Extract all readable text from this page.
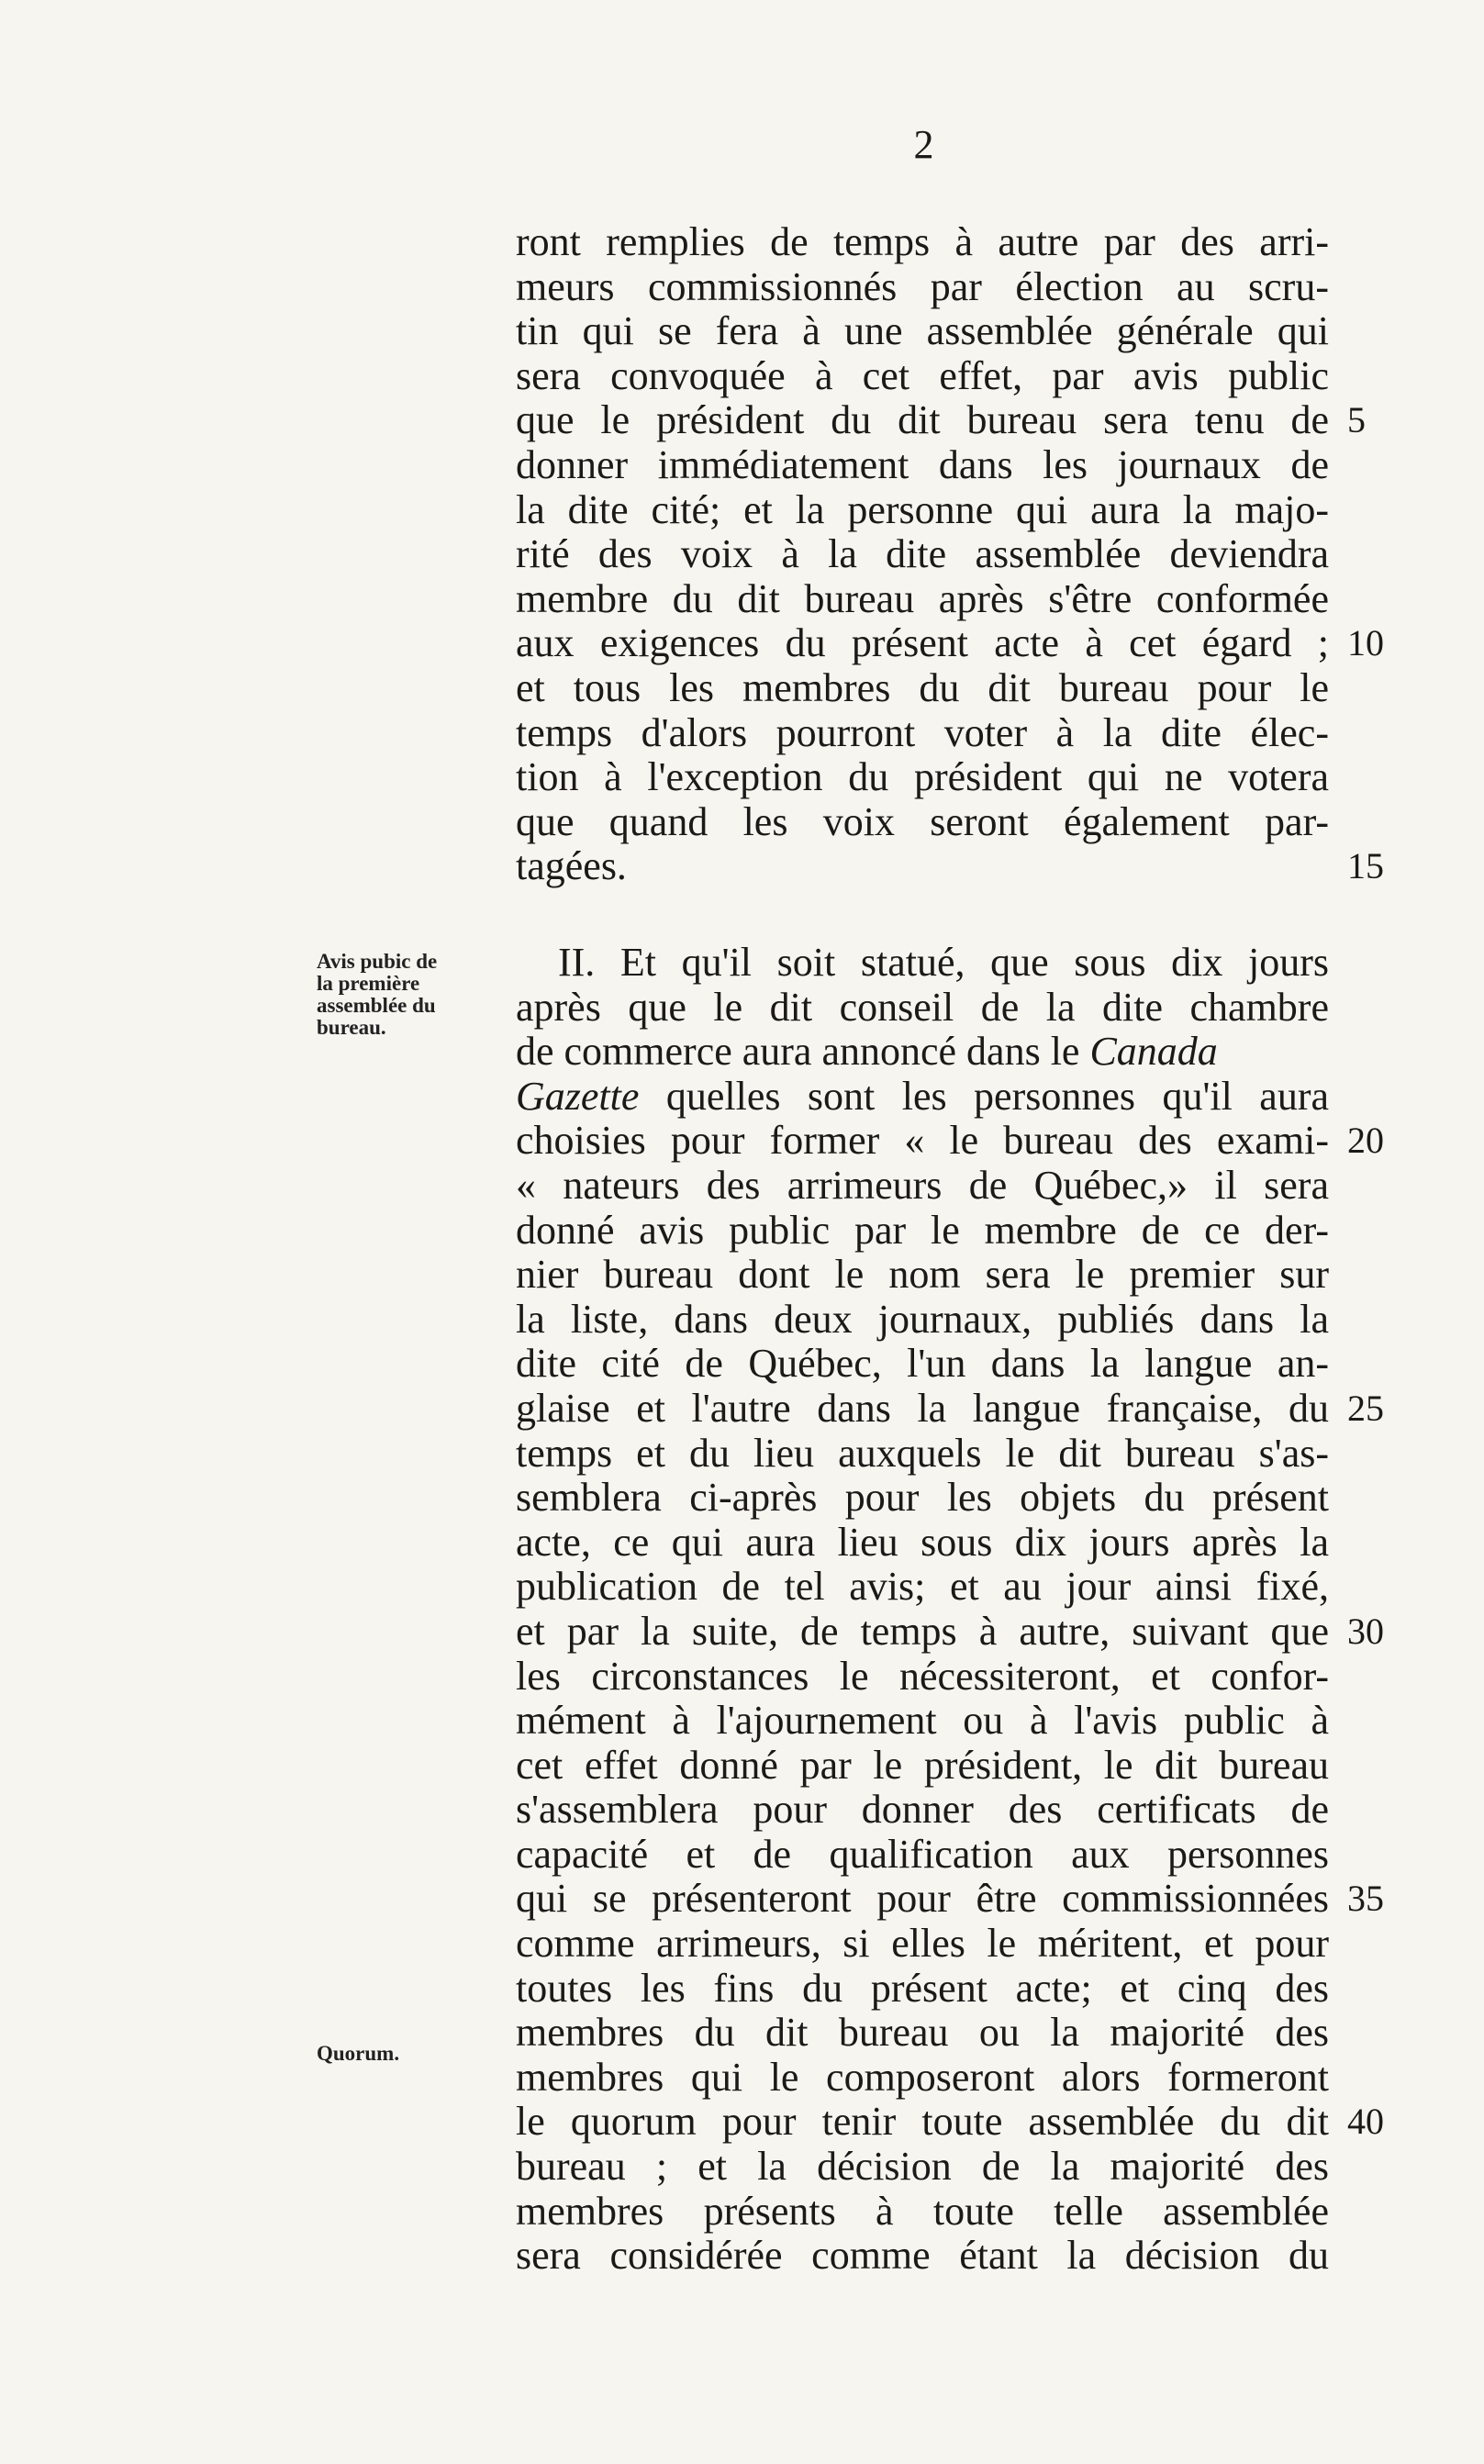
2
Avis pubic de
la première
assemblée du
bureau.
Quorum.
ront remplies de temps à autre par des arri-
meurs commissionnés par élection au scru-
tin qui se fera à une assemblée générale qui
sera convoquée à cet effet, par avis public
que le président du dit bureau sera tenu de 5
donner immédiatement dans les journaux de
la dite cité; et la personne qui aura la majo-
rité des voix à la dite assemblée deviendra
membre du dit bureau après s'être conformée
aux exigences du présent acte à cet égard ; 10
et tous les membres du dit bureau pour le
temps d'alors pourront voter à la dite élec-
tion à l'exception du président qui ne votera
que quand les voix seront également par-
tagées.	15
II. Et qu'il soit statué, que sous dix jours
après que le dit conseil de la dite chambre
de commerce aura annoncé dans le Canada
Gazette quelles sont les personnes qu'il aura
choisies pour former « le bureau des exami- 20
« nateurs des arrimeurs de Québec,» il sera
donné avis public par le membre de ce der-
nier bureau dont le nom sera le premier sur
la liste, dans deux journaux, publiés dans la
dite cité de Québec, l'un dans la langue an-
glaise et l'autre dans la langue française, du 25
temps et du lieu auxquels le dit bureau s'as-
semblera ci-après pour les objets du présent
acte, ce qui aura lieu sous dix jours après la
publication de tel avis; et au jour ainsi fixé,
et par la suite, de temps à autre, suivant que 30
les circonstances le nécessiteront, et confor-
mément à l'ajournement ou à l'avis public à
cet effet donné par le président, le dit bureau
s'assemblera pour donner des certificats de
capacité et de qualification aux personnes
qui se présenteront pour être commissionnées 35
comme arrimeurs, si elles le méritent, et pour
toutes les fins du présent acte; et cinq des
membres du dit bureau ou la majorité des
membres qui le composeront alors formeront
le quorum pour tenir toute assemblée du dit 40
bureau ; et la décision de la majorité des
membres présents à toute telle assemblée
sera considérée comme étant la décision du
